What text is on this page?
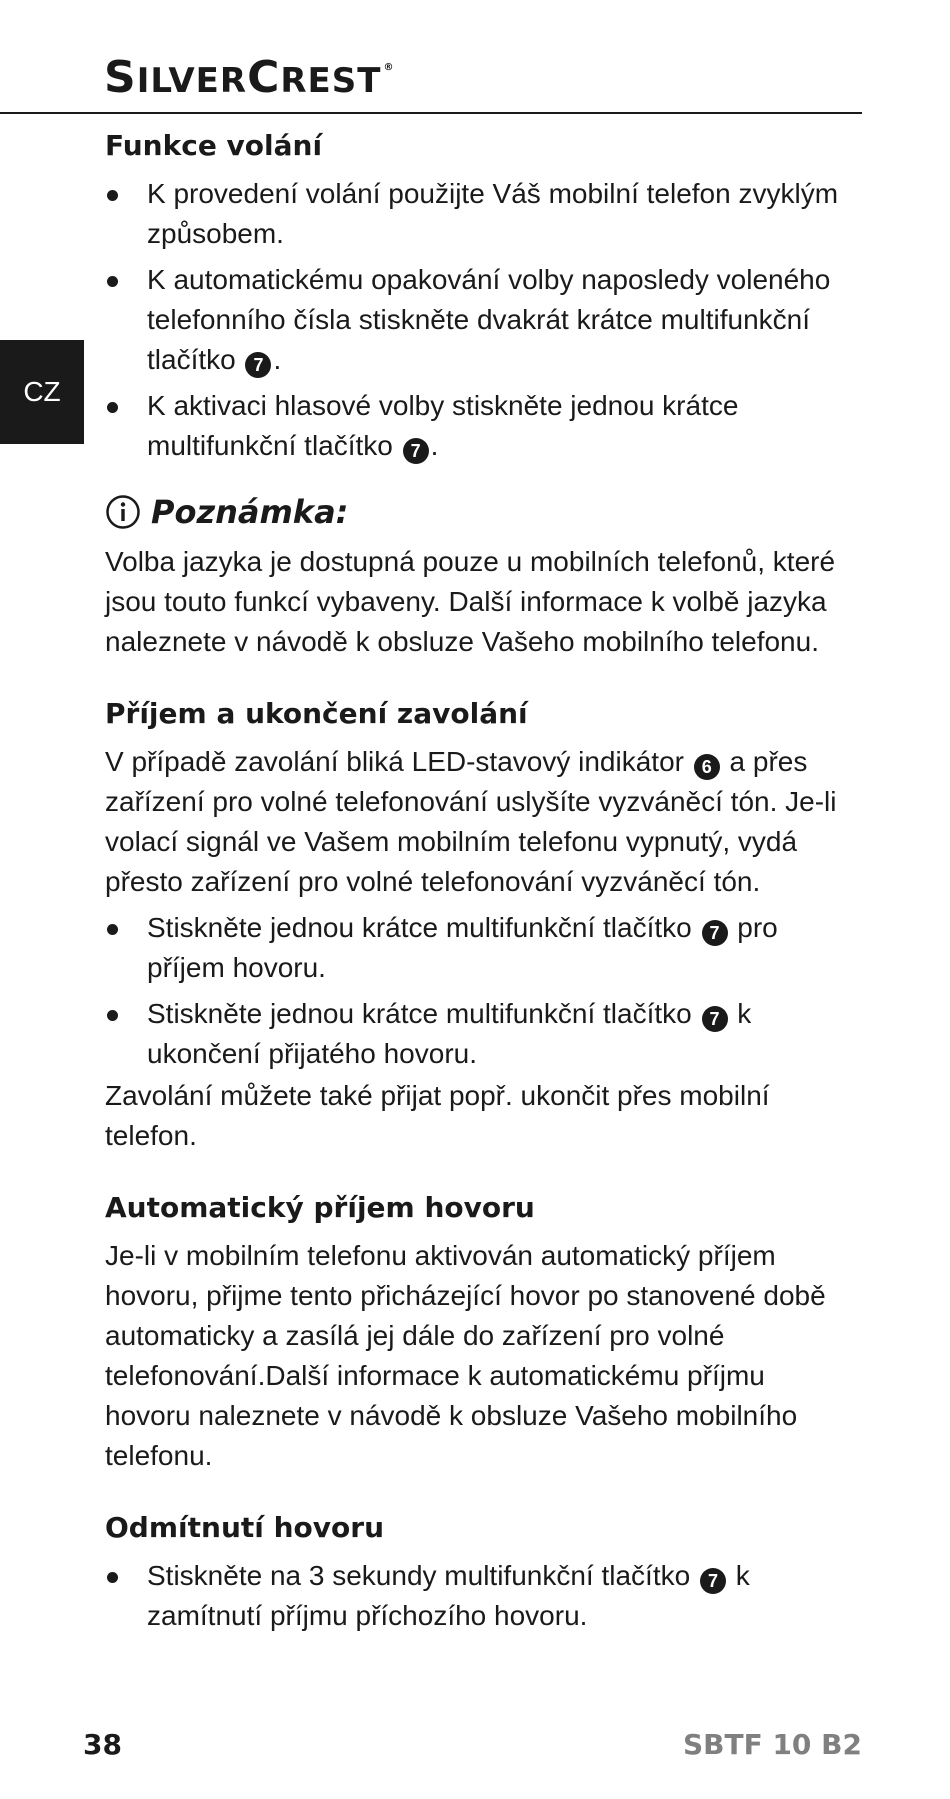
SILVERCREST ®
CZ
Funkce volání
K provedení volání použijte Váš mobilní telefon zvyklým způsobem.
K automatickému opakování volby naposledy voleného telefonního čísla stiskněte dvakrát krátce multifunkční tlačítko 7 .
K aktivaci hlasové volby stiskněte jednou krátce multifunkční tlačítko 7 .
Poznámka:

Volba jazyka je dostupná pouze u mobilních telefonů, které jsou touto funkcí vybaveny. Další informace k volbě jazyka naleznete v návodě k obsluze Vašeho mobilního telefonu.

Příjem a ukončení zavolání

V případě zavolání bliká LED-stavový indikátor 6 a přes zařízení pro volné telefonování uslyšíte vyzváněcí tón. Je-li volací signál ve Vašem mobilním telefonu vypnutý, vydá přesto zařízení pro volné telefonování vyzváněcí tón.

Stiskněte jednou krátce multifunkční tlačítko 7 pro příjem hovoru.
Stiskněte jednou krátce multifunkční tlačítko 7 k ukončení přijatého hovoru.

Zavolání můžete také přijat popř. ukončit přes mobilní telefon.

Automatický příjem hovoru

Je-li v mobilním telefonu aktivován automatický příjem hovoru, přijme tento přicházející hovor po stanovené době automaticky a zasílá jej dále do zařízení pro volné telefonování.Další informace k automatickému příjmu hovoru naleznete v návodě k obsluze Vašeho mobilního telefonu.

Odmítnutí hovoru
Stiskněte na 3 sekundy multifunkční tlačítko 7 k zamítnutí příjmu příchozího hovoru.
38	SBTF 10 B2
